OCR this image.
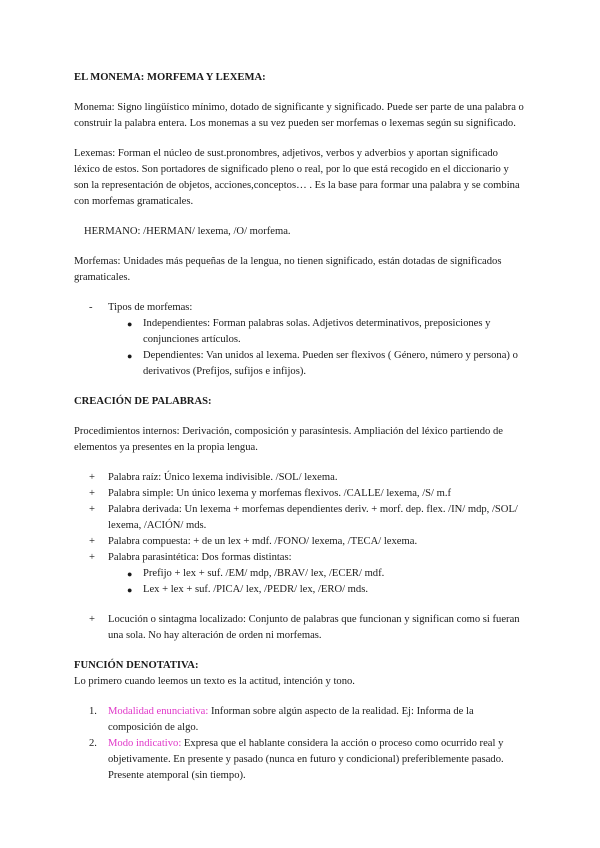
EL MONEMA: MORFEMA Y LEXEMA:

Monema: Signo lingüístico mínimo, dotado de significante y significado. Puede ser parte de una palabra o construir la palabra entera. Los monemas a su vez pueden ser morfemas o lexemas según su significado.

Lexemas: Forman el núcleo de sust.pronombres, adjetivos, verbos y adverbios y aportan significado léxico de estos. Son portadores de significado pleno o real, por lo que está recogido en el diccionario y son la representación de objetos, acciones,conceptos… . Es la base para formar una palabra y se combina con morfemas gramaticales.

HERMANO: /HERMAN/ lexema, /O/ morfema.

Morfemas: Unidades más pequeñas de la lengua, no tienen significado, están dotadas de significados gramaticales.

- Tipos de morfemas:
● Independientes: Forman palabras solas. Adjetivos determinativos, preposiciones y conjunciones artículos.
● Dependientes: Van unidos al lexema. Pueden ser flexivos ( Género, número y persona) o derivativos (Prefijos, sufijos e infijos).

CREACIÓN DE PALABRAS:

Procedimientos internos: Derivación, composición y parasíntesis. Ampliación del léxico partiendo de elementos ya presentes en la propia lengua.

+ Palabra raíz: Único lexema indivisible. /SOL/ lexema.
+ Palabra simple: Un único lexema y morfemas flexivos. /CALLE/ lexema, /S/ m.f
+ Palabra derivada: Un lexema + morfemas dependientes deriv. + morf. dep. flex. /IN/ mdp, /SOL/ lexema, /ACIÓN/ mds.
+ Palabra compuesta: + de un lex + mdf. /FONO/ lexema, /TECA/ lexema.
+ Palabra parasintética: Dos formas distintas:
● Prefijo + lex + suf. /EM/ mdp, /BRAV/ lex, /ECER/ mdf.
● Lex + lex + suf. /PICA/ lex, /PEDR/ lex, /ERO/ mds.
+ Locución o sintagma localizado: Conjunto de palabras que funcionan y significan como si fueran una sola. No hay alteración de orden ni morfemas.

FUNCIÓN DENOTATIVA:

Lo primero cuando leemos un texto es la actitud, intención y tono.

1. Modalidad enunciativa: Informan sobre algún aspecto de la realidad. Ej: Informa de la composición de algo.
2. Modo indicativo: Expresa que el hablante considera la acción o proceso como ocurrido real y objetivamente. En presente y pasado (nunca en futuro y condicional) preferiblemente pasado. Presente atemporal (sin tiempo).
